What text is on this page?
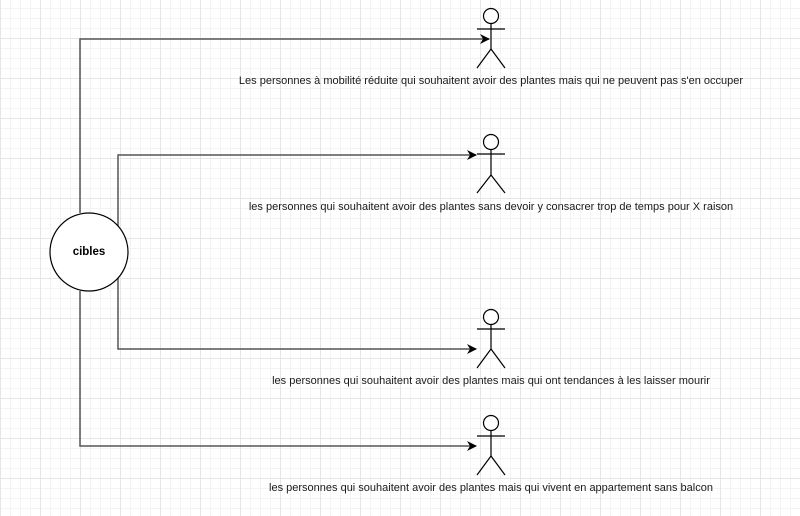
cibles
Les personnes à mobilité réduite qui souhaitent avoir des plantes mais qui ne peuvent pas s'en occuper
les personnes qui souhaitent avoir des plantes sans devoir y consacrer trop de temps pour X raison
les personnes qui souhaitent avoir des plantes mais qui ont tendances à les laisser mourir
les personnes qui souhaitent avoir des plantes mais qui vivent en appartement sans balcon
